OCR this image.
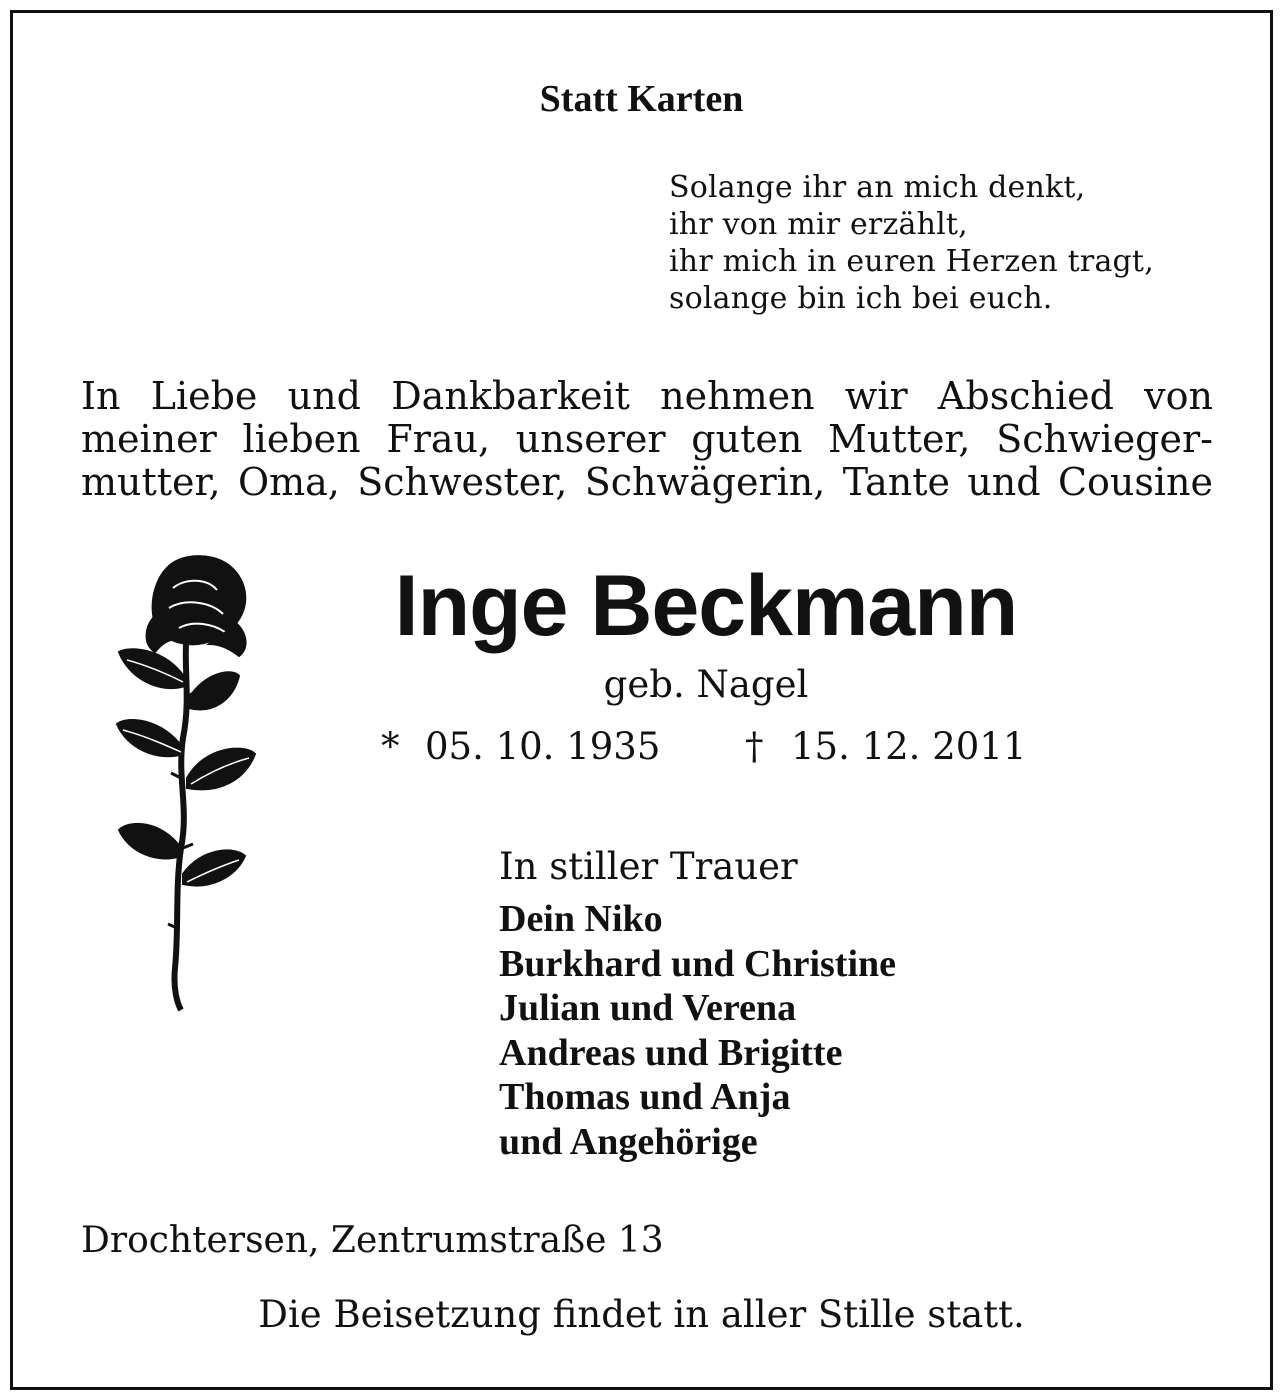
Statt Karten
Solange ihr an mich denkt,
ihr von mir erzählt,
ihr mich in euren Herzen tragt,
solange bin ich bei euch.
In Liebe und Dankbarkeit nehmen wir Abschied von
meiner lieben Frau, unserer guten Mutter, Schwieger-
mutter, Oma, Schwester, Schwägerin, Tante und Cousine
Inge Beckmann
geb. Nagel
* 05. 10. 1935 † 15. 12. 2011
In stiller Trauer
Dein Niko
Burkhard und Christine
Julian und Verena
Andreas und Brigitte
Thomas und Anja
und Angehörige
Drochtersen, Zentrumstraße 13
Die Beisetzung findet in aller Stille statt.
